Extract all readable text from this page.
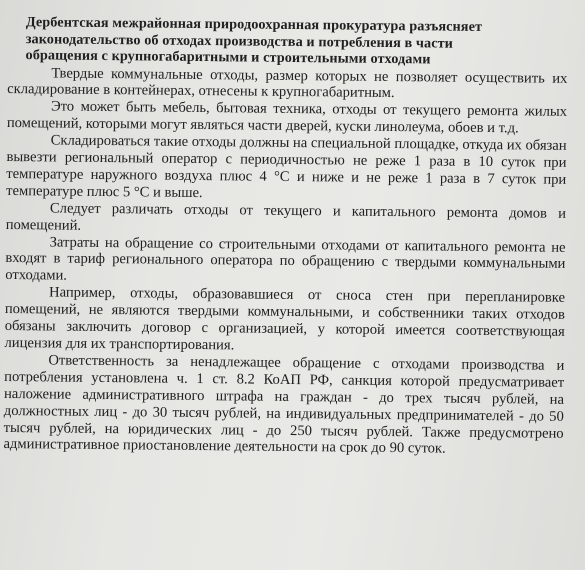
Дербентская межрайонная природоохранная прокуратура разъясняет
законодательство об отходах производства и потребления в части
обращения с крупногабаритными и строительными отходами

Твердые коммунальные отходы, размер которых не позволяет осуществить их складирование в контейнерах, отнесены к крупногабаритным.

Это может быть мебель, бытовая техника, отходы от текущего ремонта жилых помещений, которыми могут являться части дверей, куски линолеума, обоев и т.д.

Складироваться такие отходы должны на специальной площадке, откуда их обязан вывезти региональный оператор с периодичностью не реже 1 раза в 10 суток при температуре наружного воздуха плюс 4 °С и ниже и не реже 1 раза в 7 суток при температуре плюс 5 °С и выше.

Следует различать отходы от текущего и капитального ремонта домов и помещений.

Затраты на обращение со строительными отходами от капитального ремонта не входят в тариф регионального оператора по обращению с твердыми коммунальными отходами.

Например, отходы, образовавшиеся от сноса стен при перепланировке помещений, не являются твердыми коммунальными, и собственники таких отходов обязаны заключить договор с организацией, у которой имеется соответствующая лицензия для их транспортирования.

Ответственность за ненадлежащее обращение с отходами производства и потребления установлена ч. 1 ст. 8.2 КоАП РФ, санкция которой предусматривает наложение административного штрафа на граждан - до трех тысяч рублей, на должностных лиц - до 30 тысяч рублей, на индивидуальных предпринимателей - до 50 тысяч рублей, на юридических лиц - до 250 тысяч рублей. Также предусмотрено административное приостановление деятельности на срок до 90 суток.
